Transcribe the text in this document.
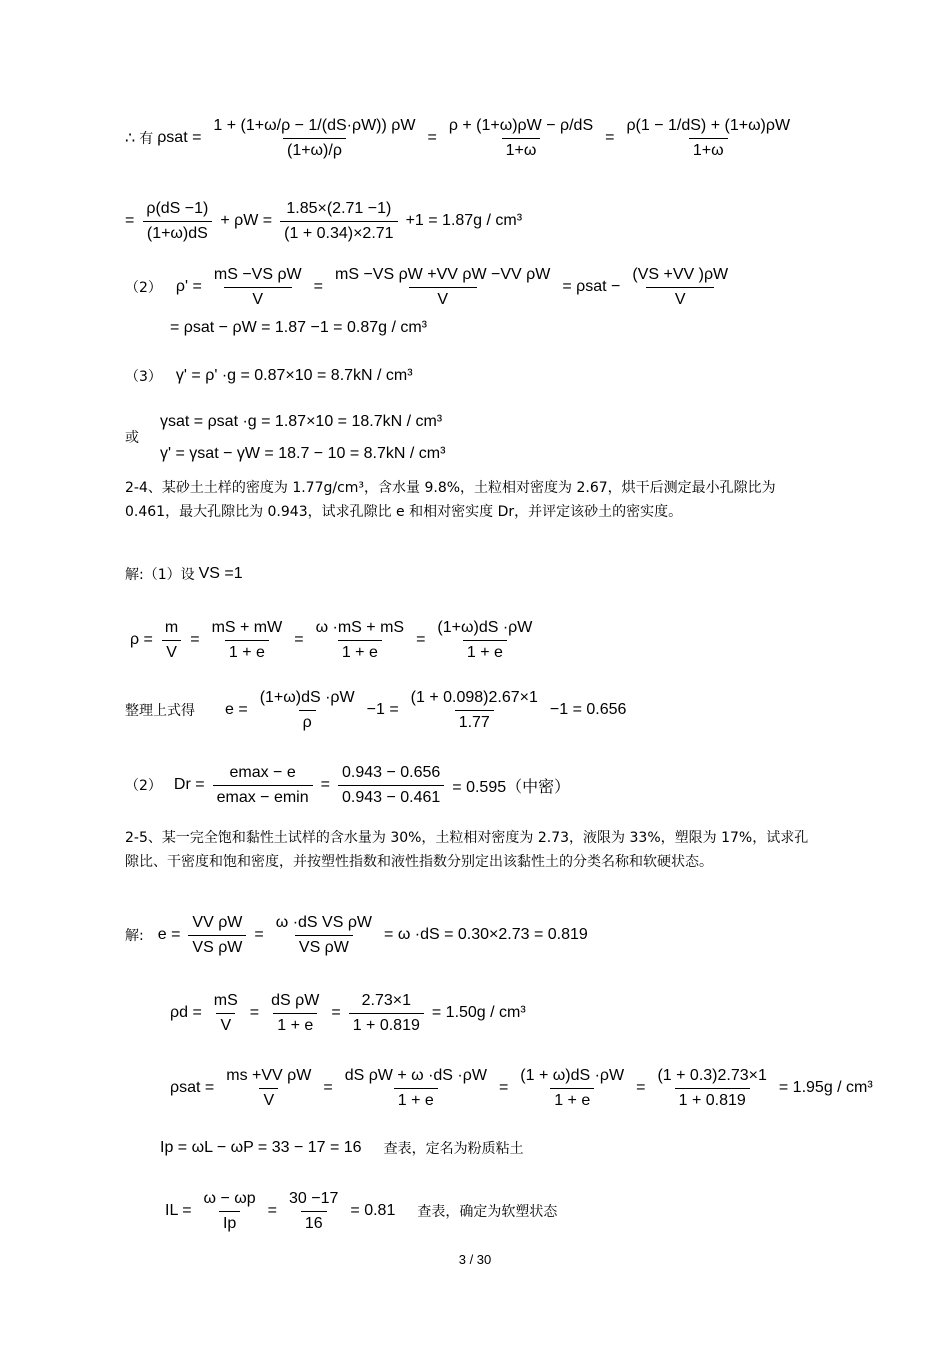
∴ 有 $\rho sat = \frac{1 + (1+\omega/\rho - 1/(dS\cdot\rho W)) \rho W}{(1+\omega)/\rho} = \frac{\rho + (1+\omega)\rho W - \rho/dS}{1+\omega} = \frac{\rho(1 - 1/dS) + (1+\omega)\rho W}{1+\omega}$
= $\frac{\rho(dS -1)}{(1+\omega)dS} + \rho W = \frac{1.85\times(2.71 -1)}{(1 + 0.34)\times 2.71} +1 = 1.87g / cm^3$
（2） $\rho' = \frac{\text{mS −VS ρW}}{V} = \frac{\text{mS −VS ρW +VV ρW −VV ρW}}{V} = \rho sat - \frac{(VS +VV )\rho W}{V}$
= ρsat − ρW = 1.87 −1 = 0.87g / cm³
（3） γ' = ρ' ·g = 0.87×10 = 8.7kN / cm³
或
γsat = ρsat ·g = 1.87×10 = 18.7kN / cm³
γ' = γsat − γW = 18.7 − 10 = 8.7kN / cm³
2-4、某砂土土样的密度为 1.77g/cm³，含水量 9.8%，土粒相对密度为 2.67，烘干后测定最小孔隙比为 0.461，最大孔隙比为 0.943，试求孔隙比 e 和相对密实度 Dr，并评定该砂土的密实度。
解:（1）设 VS =1
$\rho = \frac{m}{V} = \frac{mS + mW}{1 + e} = \frac{\omega \cdot mS + mS}{1 + e} = \frac{(1+\omega)dS \cdot\rho W}{1 + e}$
整理上式得 $e = \frac{(1+\omega)dS \cdot\rho W}{\rho} -1 = \frac{(1 + 0.098)2.67\times 1}{1.77} -1 = 0.656$
（2） $Dr = \frac{emax - e}{emax - emin} = \frac{0.943 - 0.656}{0.943 - 0.461} = 0.595$（中密）
2-5、某一完全饱和黏性土试样的含水量为 30%，土粒相对密度为 2.73，液限为 33%，塑限为 17%，试求孔隙比、干密度和饱和密度，并按塑性指数和液性指数分别定出该黏性土的分类名称和软硬状态。
解: $e = \frac{\text{VV ρW}}{\text{VS ρW}} = \frac{\text{ω ·dS VS ρW}}{\text{VS ρW}} = \omega \cdot dS = 0.30\times 2.73 = 0.819$
$\rho d = \frac{mS}{V} = \frac{\text{dS ρW}}{1 + e} = \frac{2.73\times 1}{1 + 0.819} = 1.50g / cm^3$
$\rho sat = \frac{\text{ms +VV ρW}}{V} = \frac{\text{dS ρW + ω ·dS ·ρW}}{1 + e} = \frac{(1 + \omega)dS \cdot\rho W}{1 + e} = \frac{(1 + 0.3)2.73\times 1}{1 + 0.819} = 1.95g / cm^3$
Ip = ωL − ωP = 33 − 17 = 16 查表，定名为粉质粘土
IL = $\frac{\omega - \omega p}{Ip} = \frac{30 -17}{16} = 0.81$ 查表，确定为软塑状态
3 / 30
